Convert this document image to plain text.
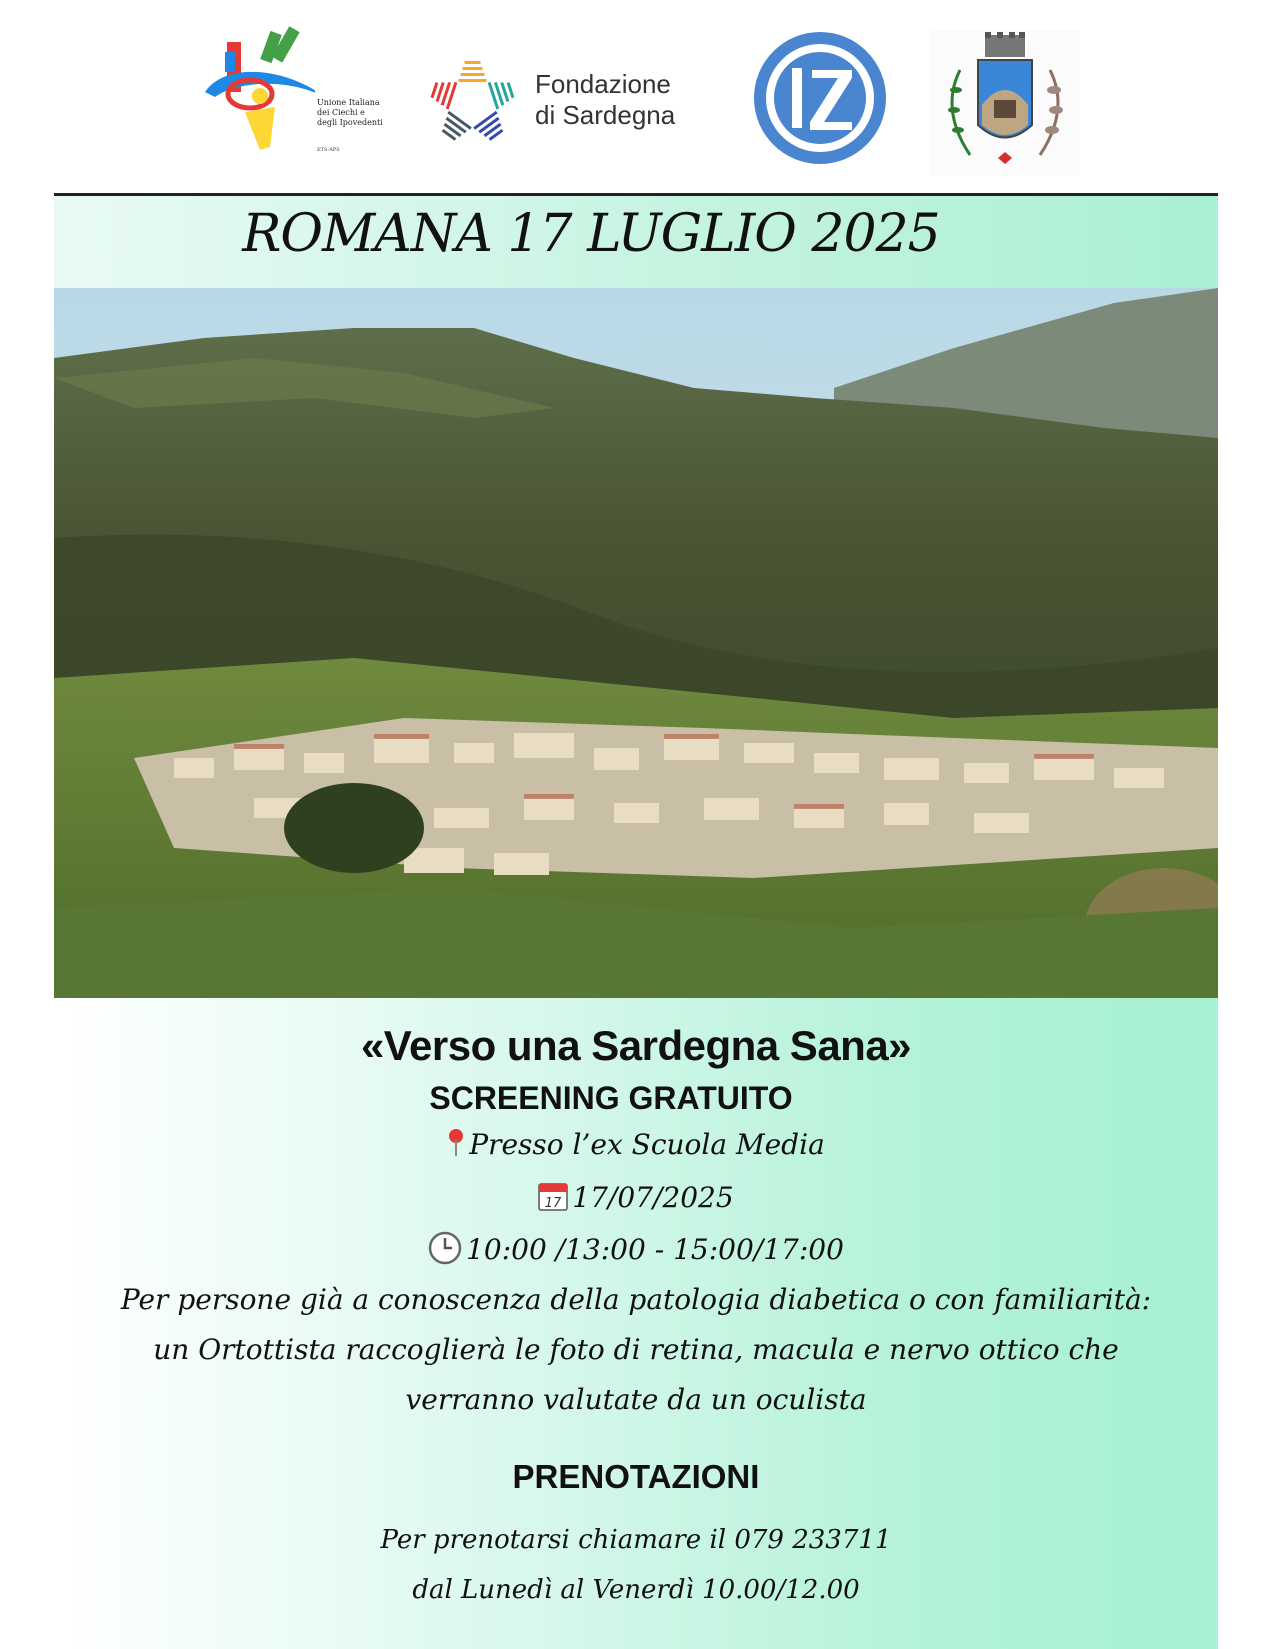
Unione Italiana dei Ciechi e degli Ipovedenti
ETS-APS
Fondazione
di Sardegna
ROMANA 17 LUGLIO 2025
«Verso una Sardegna Sana»
SCREENING GRATUITO
Presso l’ex Scuola Media
17 17/07/2025
10:00 /13:00 - 15:00/17:00
Per persone già a conoscenza della patologia diabetica o con familiarità:
un Ortottista raccoglierà le foto di retina, macula e nervo ottico che
verranno valutate da un oculista
PRENOTAZIONI
Per prenotarsi chiamare il 079 233711
dal Lunedì al Venerdì 10.00/12.00
